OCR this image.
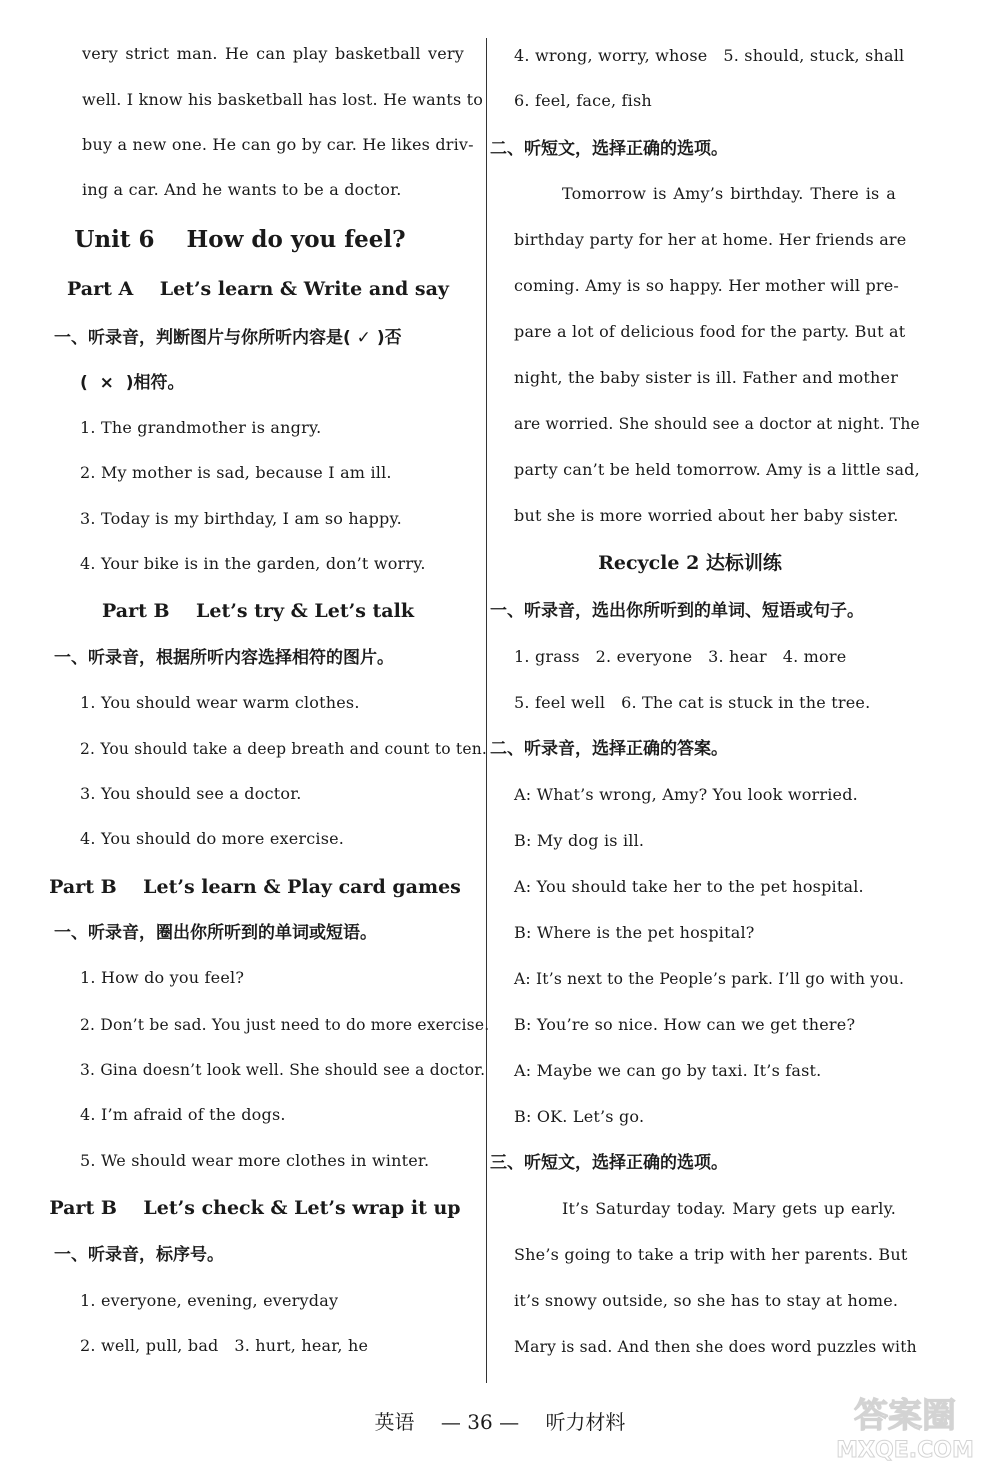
very strict man. He can play basketball very
well. I know his basketball has lost. He wants to
buy a new one. He can go by car. He likes driv-
ing a car. And he wants to be a doctor.
Unit 6    How do you feel?
Part A    Let’s learn & Write and say
一、听录音，判断图片与你所听内容是( ✓ )否
(  ×  )相符。
1. The grandmother is angry.
2. My mother is sad, because I am ill.
3. Today is my birthday, I am so happy.
4. Your bike is in the garden, don’t worry.
Part B    Let’s try & Let’s talk
一、听录音，根据所听内容选择相符的图片。
1. You should wear warm clothes.
2. You should take a deep breath and count to ten.
3. You should see a doctor.
4. You should do more exercise.
Part B    Let’s learn & Play card games
一、听录音，圈出你所听到的单词或短语。
1. How do you feel?
2. Don’t be sad. You just need to do more exercise.
3. Gina doesn’t look well. She should see a doctor.
4. I’m afraid of the dogs.
5. We should wear more clothes in winter.
Part B    Let’s check & Let’s wrap it up
一、听录音，标序号。
1. everyone, evening, everyday
2. well, pull, bad   3. hurt, hear, he
4. wrong, worry, whose   5. should, stuck, shall
6. feel, face, fish
二、听短文，选择正确的选项。
Tomorrow is Amy’s birthday. There is a
birthday party for her at home. Her friends are
coming. Amy is so happy. Her mother will pre-
pare a lot of delicious food for the party. But at
night, the baby sister is ill. Father and mother
are worried. She should see a doctor at night. The
party can’t be held tomorrow. Amy is a little sad,
but she is more worried about her baby sister.
Recycle 2 达标训练
一、听录音，选出你所听到的单词、短语或句子。
1. grass   2. everyone   3. hear   4. more
5. feel well   6. The cat is stuck in the tree.
二、听录音，选择正确的答案。
A: What’s wrong, Amy? You look worried.
B: My dog is ill.
A: You should take her to the pet hospital.
B: Where is the pet hospital?
A: It’s next to the People’s park. I’ll go with you.
B: You’re so nice. How can we get there?
A: Maybe we can go by taxi. It’s fast.
B: OK. Let’s go.
三、听短文，选择正确的选项。
It’s Saturday today. Mary gets up early.
She’s going to take a trip with her parents. But
it’s snowy outside, so she has to stay at home.
Mary is sad. And then she does word puzzles with
英语 — 36 — 听力材料	答案圈
MXQE.COM
